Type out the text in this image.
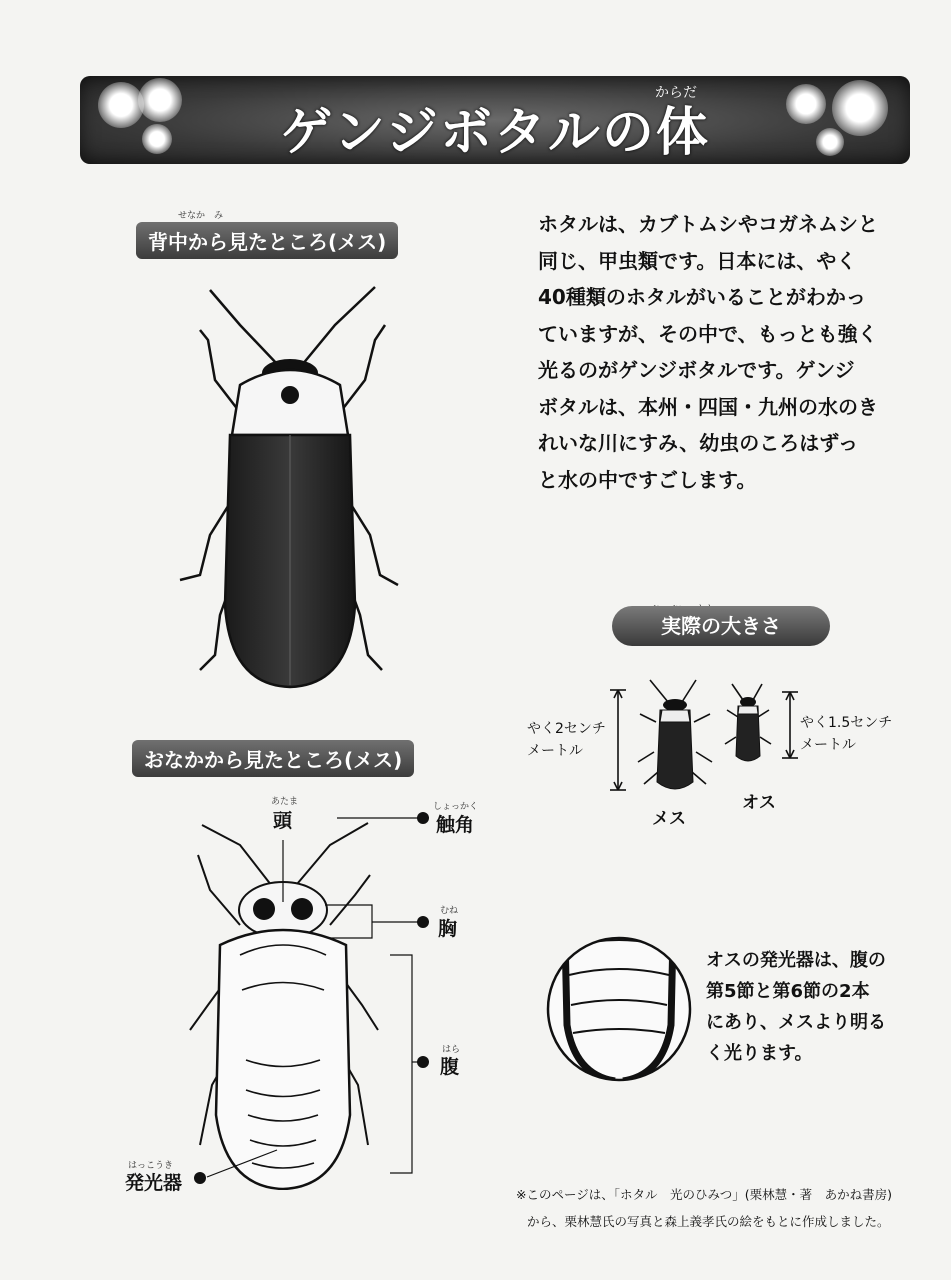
からだ
ゲンジボタルの体
せなか　み
背中から見たところ(メス)
ホタルは、カブトムシやコガネムシと
同じ、甲虫類です。日本には、やく
40種類のホタルがいることがわかっ
ていますが、その中で、もっとも強く
光るのがゲンジボタルです。ゲンジ
ボタルは、本州・四国・九州の水のき
れいな川にすみ、幼虫のころはずっ
と水の中ですごします。
実際の大きさ
やく2センチ
メートル
やく1.5センチ
メートル
メス
オス
おなかから見たところ(メス)
あたま
頭
しょっかく
触角
むね
胸
はら
腹
はっこうき
発光器
オスの発光器は、腹の
第5節と第6節の2本
にあり、メスより明る
く光ります。
※このページは、「ホタル　光のひみつ」(栗林慧・著　あかね書房)
から、栗林慧氏の写真と森上義孝氏の絵をもとに作成しました。
